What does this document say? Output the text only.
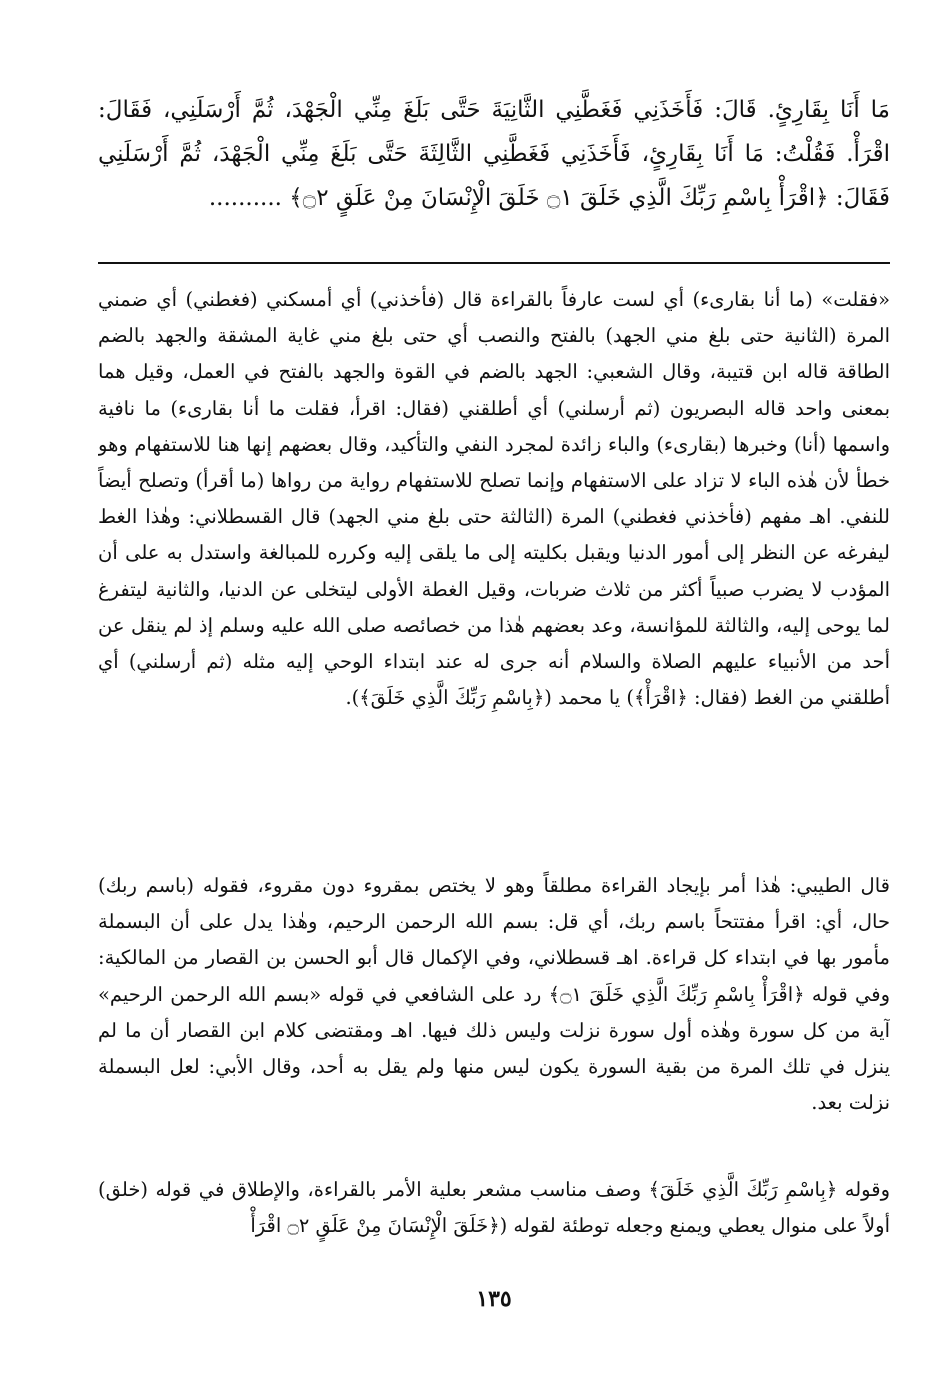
مَا أَنَا بِقَارِئٍ. قَالَ: فَأَخَذَنِي فَغَطَّنِي الثَّانِيَةَ حَتَّى بَلَغَ مِنِّي الْجَهْدَ، ثُمَّ أَرْسَلَنِي، فَقَالَ: اقْرَأْ. فَقُلْتُ: مَا أَنَا بِقَارِئٍ، فَأَخَذَنِي فَغَطَّنِي الثَّالِثَةَ حَتَّى بَلَغَ مِنِّي الْجَهْدَ، ثُمَّ أَرْسَلَنِي فَقَالَ: ﴿اقْرَأْ بِاسْمِ رَبِّكَ الَّذِي خَلَقَ ۝١ خَلَقَ الْإِنْسَانَ مِنْ عَلَقٍ ۝٢﴾ ..........

«فقلت» (ما أنا بقارىء) أي لست عارفاً بالقراءة قال (فأخذني) أي أمسكني (فغطني) أي ضمني المرة (الثانية حتى بلغ مني الجهد) بالفتح والنصب أي حتى بلغ مني غاية المشقة والجهد بالضم الطاقة قاله ابن قتيبة، وقال الشعبي: الجهد بالضم في القوة والجهد بالفتح في العمل، وقيل هما بمعنى واحد قاله البصريون (ثم أرسلني) أي أطلقني (فقال: اقرأ، فقلت ما أنا بقارىء) ما نافية واسمها (أنا) وخبرها (بقارىء) والباء زائدة لمجرد النفي والتأكيد، وقال بعضهم إنها هنا للاستفهام وهو خطأ لأن هٰذه الباء لا تزاد على الاستفهام وإنما تصلح للاستفهام رواية من رواها (ما أقرأ) وتصلح أيضاً للنفي. اهـ مفهم (فأخذني فغطني) المرة (الثالثة حتى بلغ مني الجهد) قال القسطلاني: وهٰذا الغط ليفرغه عن النظر إلى أمور الدنيا ويقبل بكليته إلى ما يلقى إليه وكرره للمبالغة واستدل به على أن المؤدب لا يضرب صبياً أكثر من ثلاث ضربات، وقيل الغطة الأولى ليتخلى عن الدنيا، والثانية ليتفرغ لما يوحى إليه، والثالثة للمؤانسة، وعد بعضهم هٰذا من خصائصه صلى الله عليه وسلم إذ لم ينقل عن أحد من الأنبياء عليهم الصلاة والسلام أنه جرى له عند ابتداء الوحي إليه مثله (ثم أرسلني) أي أطلقني من الغط (فقال: ﴿اقْرَأْ﴾) يا محمد (﴿بِاسْمِ رَبِّكَ الَّذِي خَلَقَ﴾).

قال الطيبي: هٰذا أمر بإيجاد القراءة مطلقاً وهو لا يختص بمقروء دون مقروء، فقوله (باسم ربك) حال، أي: اقرأ مفتتحاً باسم ربك، أي قل: بسم الله الرحمن الرحيم، وهٰذا يدل على أن البسملة مأمور بها في ابتداء كل قراءة. اهـ قسطلاني، وفي الإكمال قال أبو الحسن بن القصار من المالكية: وفي قوله ﴿اقْرَأْ بِاسْمِ رَبِّكَ الَّذِي خَلَقَ ۝١﴾ رد على الشافعي في قوله «بسم الله الرحمن الرحيم» آية من كل سورة وهٰذه أول سورة نزلت وليس ذلك فيها. اهـ ومقتضى كلام ابن القصار أن ما لم ينزل في تلك المرة من بقية السورة يكون ليس منها ولم يقل به أحد، وقال الأبي: لعل البسملة نزلت بعد.

وقوله ﴿بِاسْمِ رَبِّكَ الَّذِي خَلَقَ﴾ وصف مناسب مشعر بعلية الأمر بالقراءة، والإطلاق في قوله (خلق) أولاً على منوال يعطي ويمنع وجعله توطئة لقوله (﴿خَلَقَ الْإِنْسَانَ مِنْ عَلَقٍ ۝٢ اقْرَأْ

١٣٥
